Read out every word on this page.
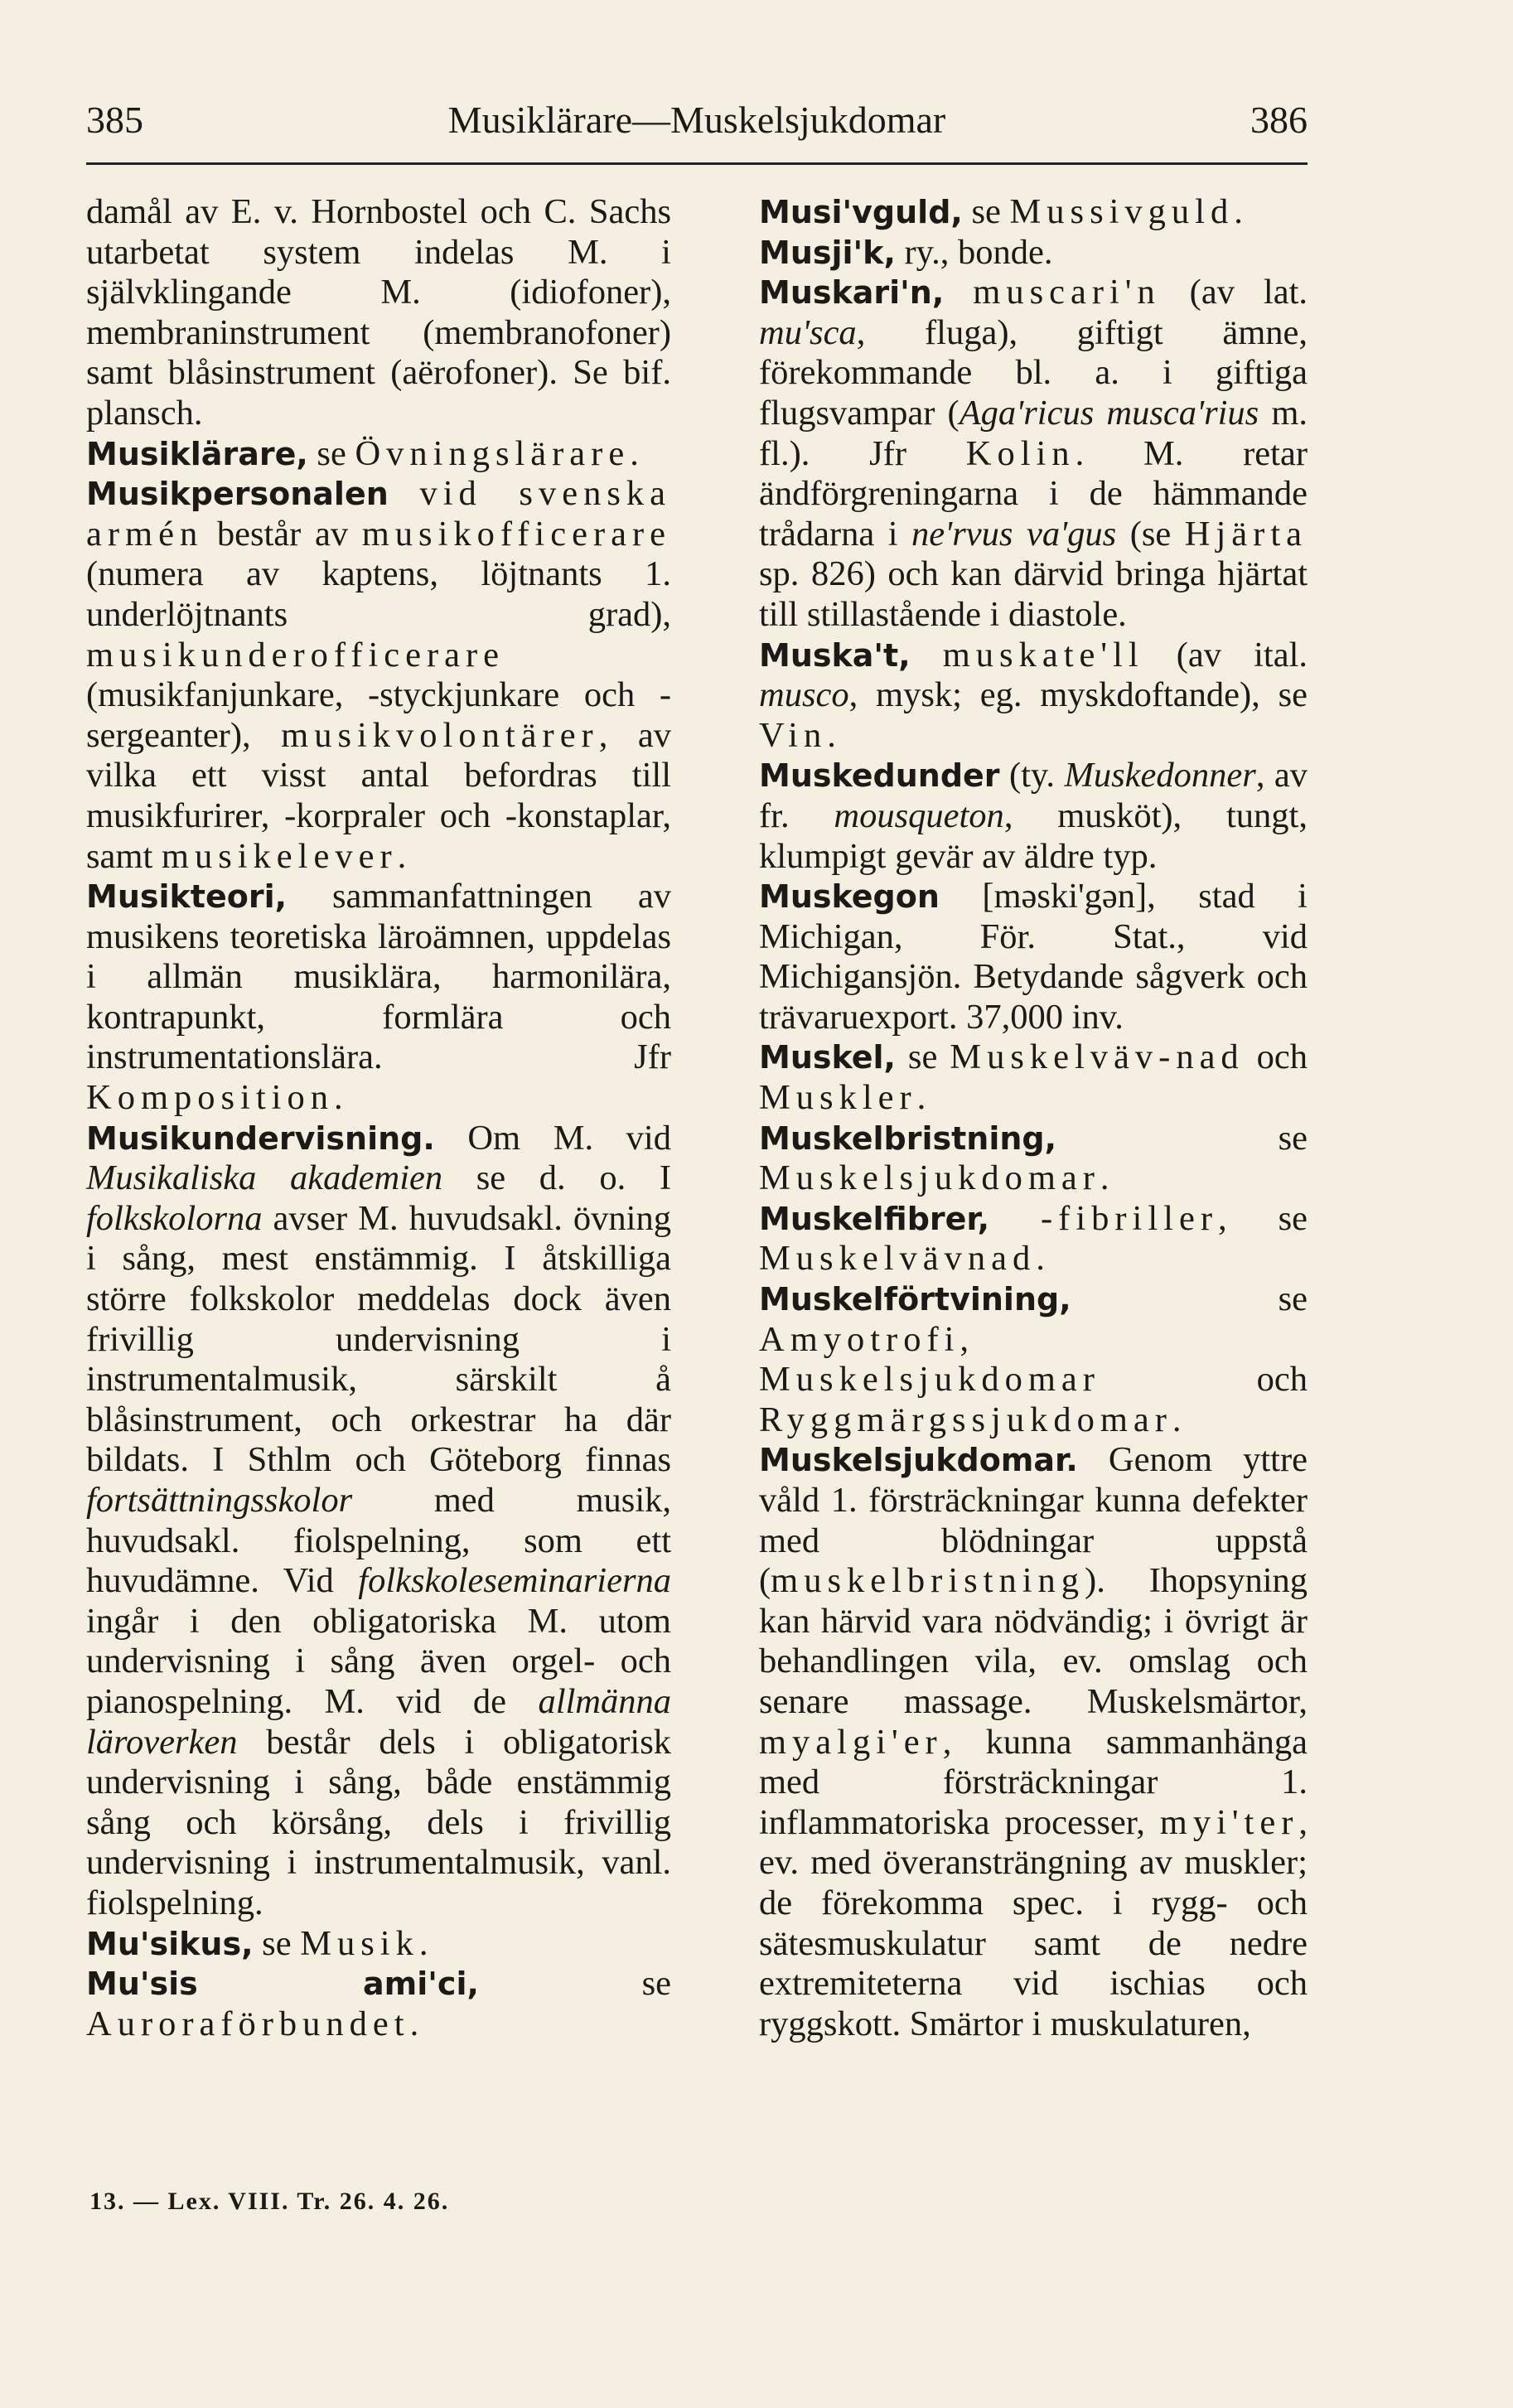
385	Musiklärare—Muskelsjukdomar	386

damål av E. v. Hornbostel och C. Sachs utarbetat system indelas M. i självklingande M. (idiofoner), membraninstrument (membranofoner) samt blåsinstrument (aërofoner). Se bif. plansch.

Musiklärare, se Övningslärare.

Musikpersonalen vid svenska armén består av musikofficerare (numera av kaptens, löjtnants 1. underlöjtnants grad), musikunderofficerare (musikfanjunkare, -styckjunkare och -sergeanter), musikvolontärer, av vilka ett visst antal befordras till musikfurirer, -korpraler och -konstaplar, samt musikelever.

Musikteori, sammanfattningen av musikens teoretiska läroämnen, uppdelas i allmän musiklära, harmonilära, kontrapunkt, formlära och instrumentationslära. Jfr Komposition.

Musikundervisning. Om M. vid Musikaliska akademien se d. o. I folkskolorna avser M. huvudsakl. övning i sång, mest enstämmig. I åtskilliga större folkskolor meddelas dock även frivillig undervisning i instrumentalmusik, särskilt å blåsinstrument, och orkestrar ha där bildats. I Sthlm och Göteborg finnas fortsättningsskolor med musik, huvudsakl. fiolspelning, som ett huvudämne. Vid folkskoleseminarierna ingår i den obligatoriska M. utom undervisning i sång även orgel- och pianospelning. M. vid de allmänna läroverken består dels i obligatorisk undervisning i sång, både enstämmig sång och körsång, dels i frivillig undervisning i instrumentalmusik, vanl. fiolspelning.

Mu'sikus, se Musik.

Mu'sis ami'ci, se Auroraförbundet.

Musi'vguld, se Mussivguld.

Musji'k, ry., bonde.

Muskari'n, muscari'n (av lat. mu'sca, fluga), giftigt ämne, förekommande bl. a. i giftiga flugsvampar (Aga'ricus musca'rius m. fl.). Jfr Kolin. M. retar ändförgreningarna i de hämmande trådarna i ne'rvus va'gus (se Hjärta sp. 826) och kan därvid bringa hjärtat till stillastående i diastole.

Muska't, muskate'll (av ital. musco, mysk; eg. myskdoftande), se Vin.

Muskedunder (ty. Muskedonner, av fr. mousqueton, musköt), tungt, klumpigt gevär av äldre typ.

Muskegon [məski'gən], stad i Michigan, För. Stat., vid Michigansjön. Betydande sågverk och trävaruexport. 37,000 inv.

Muskel, se Muskelväv-nad och Muskler.

Muskelbristning, se Muskelsjukdomar.

Muskelfibrer, -fibriller, se Muskelvävnad.

Muskelförtvining, se Amyotrofi, Muskelsjukdomar och Ryggmärgssjukdomar.

Muskelsjukdomar. Genom yttre våld 1. försträckningar kunna defekter med blödningar uppstå (muskelbristning). Ihopsyning kan härvid vara nödvändig; i övrigt är behandlingen vila, ev. omslag och senare massage. Muskelsmärtor, myalgi'er, kunna sammanhänga med försträckningar 1. inflammatoriska processer, myi'ter, ev. med överansträngning av muskler; de förekomma spec. i rygg- och sätesmuskulatur samt de nedre extremiteterna vid ischias och ryggskott. Smärtor i muskulaturen,

13. — Lex. VIII. Tr. 26. 4. 26.
